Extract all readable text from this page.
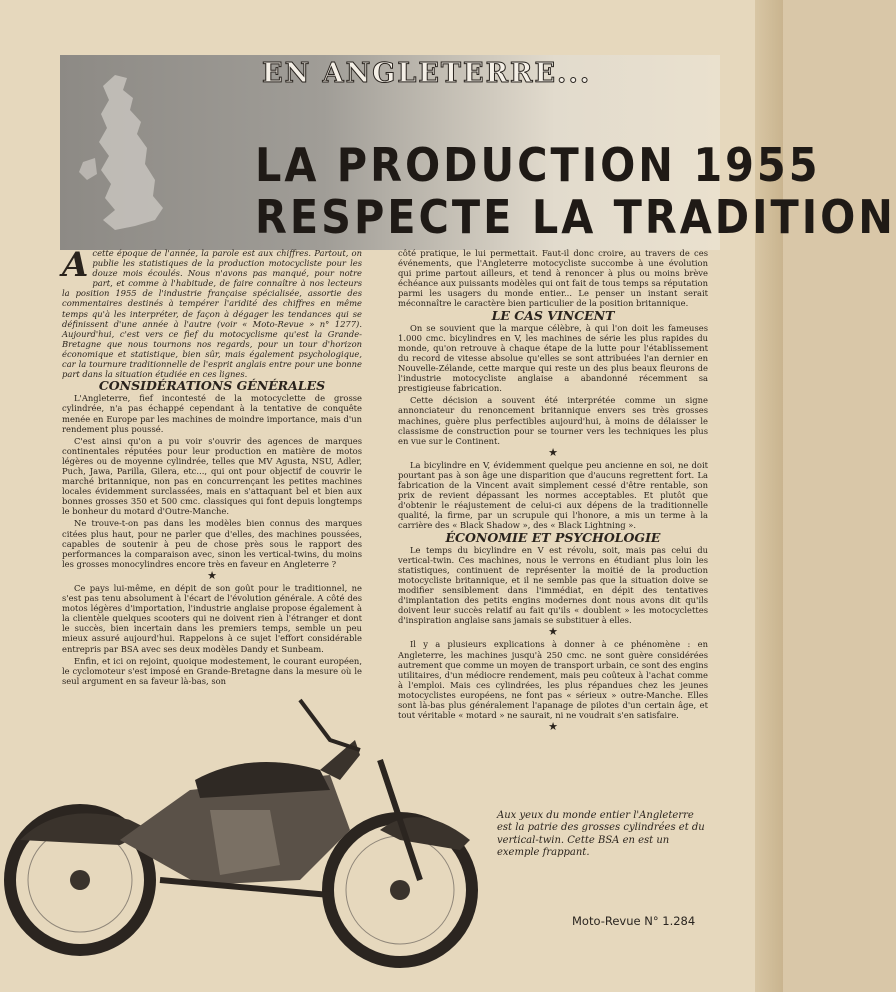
EN ANGLETERRE...
LA PRODUCTION 1955
RESPECTE LA TRADITION

Acette époque de l'année, la parole est aux chiffres. Partout, on publie les statistiques de la production motocycliste pour les douze mois écoulés. Nous n'avons pas manqué, pour notre part, et comme à l'habitude, de faire connaître à nos lecteurs la position 1955 de l'industrie française spécialisée, assortie des commentaires destinés à tempérer l'aridité des chiffres en même temps qu'à les interpréter, de façon à dégager les tendances qui se définissent d'une année à l'autre (voir « Moto-Revue » n° 1277). Aujourd'hui, c'est vers ce fief du motocyclisme qu'est la Grande-Bretagne que nous tournons nos regards, pour un tour d'horizon économique et statistique, bien sûr, mais également psychologique, car la tournure traditionnelle de l'esprit anglais entre pour une bonne part dans la situation étudiée en ces lignes.

CONSIDÉRATIONS GÉNÉRALES

L'Angleterre, fief incontesté de la motocyclette de grosse cylindrée, n'a pas échappé cependant à la tentative de conquête menée en Europe par les machines de moindre importance, mais d'un rendement plus poussé.

C'est ainsi qu'on a pu voir s'ouvrir des agences de marques continentales réputées pour leur production en matière de motos légères ou de moyenne cylindrée, telles que MV Agusta, NSU, Adler, Puch, Jawa, Parilla, Gilera, etc..., qui ont pour objectif de couvrir le marché britannique, non pas en concurrençant les petites machines locales évidemment surclassées, mais en s'attaquant bel et bien aux bonnes grosses 350 et 500 cmc. classiques qui font depuis longtemps le bonheur du motard d'Outre-Manche.

Ne trouve-t-on pas dans les modèles bien connus des marques citées plus haut, pour ne parler que d'elles, des machines poussées, capables de soutenir à peu de chose près sous le rapport des performances la comparaison avec, sinon les vertical-twins, du moins les grosses monocylindres encore très en faveur en Angleterre ?

★

Ce pays lui-même, en dépit de son goût pour le traditionnel, ne s'est pas tenu absolument à l'écart de l'évolution générale. A côté des motos légères d'importation, l'industrie anglaise propose également à la clientèle quelques scooters qui ne doivent rien à l'étranger et dont le succès, bien incertain dans les premiers temps, semble un peu mieux assuré aujourd'hui. Rappelons à ce sujet l'effort considérable entrepris par BSA avec ses deux modèles Dandy et Sunbeam.

Enfin, et ici on rejoint, quoique modestement, le courant européen, le cyclomoteur s'est imposé en Grande-Bretagne dans la mesure où le seul argument en sa faveur là-bas, son

côté pratique, le lui permettait. Faut-il donc croire, au travers de ces événements, que l'Angleterre motocycliste succombe à une évolution qui prime partout ailleurs, et tend à renoncer à plus ou moins brève échéance aux puissants modèles qui ont fait de tous temps sa réputation parmi les usagers du monde entier... Le penser un instant serait méconnaître le caractère bien particulier de la position britannique.

LE CAS VINCENT

On se souvient que la marque célèbre, à qui l'on doit les fameuses 1.000 cmc. bicylindres en V, les machines de série les plus rapides du monde, qu'on retrouve à chaque étape de la lutte pour l'établissement du record de vitesse absolue qu'elles se sont attribuées l'an dernier en Nouvelle-Zélande, cette marque qui reste un des plus beaux fleurons de l'industrie motocycliste anglaise a abandonné récemment sa prestigieuse fabrication.

Cette décision a souvent été interprétée comme un signe annonciateur du renoncement britannique envers ses très grosses machines, guère plus perfectibles aujourd'hui, à moins de délaisser le classisme de construction pour se tourner vers les techniques les plus en vue sur le Continent.

★

La bicylindre en V, évidemment quelque peu ancienne en soi, ne doit pourtant pas à son âge une disparition que d'aucuns regrettent fort. La fabrication de la Vincent avait simplement cessé d'être rentable, son prix de revient dépassant les normes acceptables. Et plutôt que d'obtenir le réajustement de celui-ci aux dépens de la traditionnelle qualité, la firme, par un scrupule qui l'honore, a mis un terme à la carrière des « Black Shadow », des « Black Lightning ».

ÉCONOMIE ET PSYCHOLOGIE

Le temps du bicylindre en V est révolu, soit, mais pas celui du vertical-twin. Ces machines, nous le verrons en étudiant plus loin les statistiques, continuent de représenter la moitié de la production motocycliste britannique, et il ne semble pas que la situation doive se modifier sensiblement dans l'immédiat, en dépit des tentatives d'implantation des petits engins modernes dont nous avons dit qu'ils doivent leur succès relatif au fait qu'ils « doublent » les motocyclettes d'inspiration anglaise sans jamais se substituer à elles.

★

Il y a plusieurs explications à donner à ce phénomène : en Angleterre, les machines jusqu'à 250 cmc. ne sont guère considérées autrement que comme un moyen de transport urbain, ce sont des engins utilitaires, d'un médiocre rendement, mais peu coûteux à l'achat comme à l'emploi. Mais ces cylindrées, les plus répandues chez les jeunes motocyclistes européens, ne font pas « sérieux » outre-Manche. Elles sont là-bas plus généralement l'apanage de pilotes d'un certain âge, et tout véritable « motard » ne saurait, ni ne voudrait s'en satisfaire.

★

Aux yeux du monde entier l'Angleterre est la patrie des grosses cylindrées et du vertical-twin. Cette BSA en est un exemple frappant.
Moto-Revue N° 1.284
